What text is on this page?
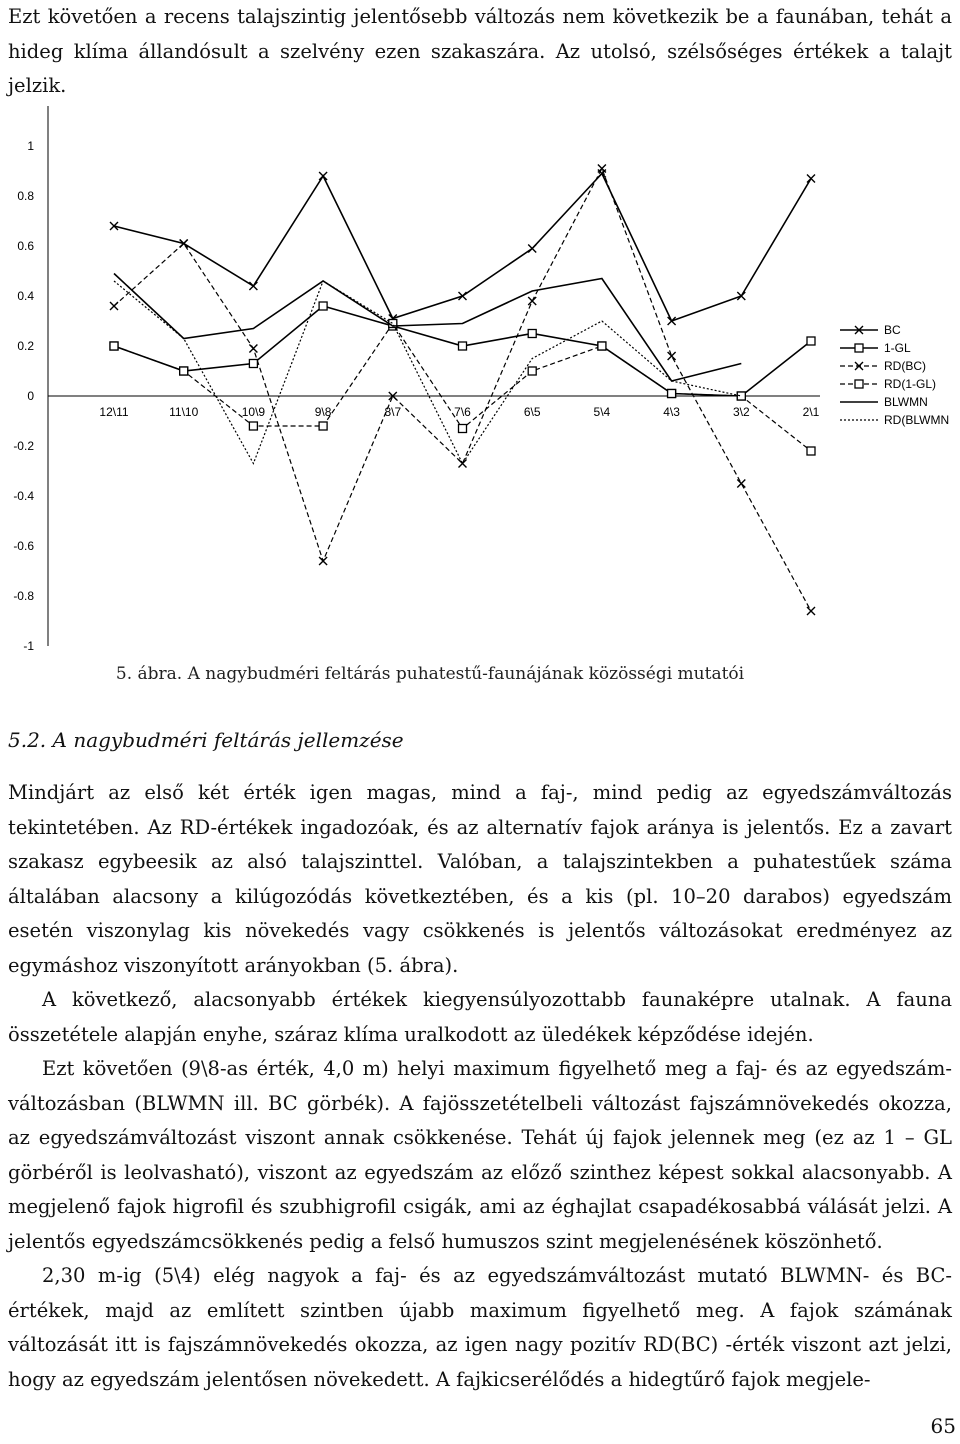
Ezt követően a recens talajszintig jelentősebb változás nem következik be a faunában, tehát a hideg klíma állandósult a szelvény ezen szakaszára. Az utolsó, szélsőséges értékek a talajt jelzik.

1
0.8
0.6
0.4
0.2
0
-0.2
-0.4
-0.6
-0.8
-1
12\11	11\10	10\9	9\8	8\7	7\6	6\5	5\4	4\3	3\2	2\1
BC
1-GL
RD(BC)
RD(1-GL)
BLWMN
RD(BLWMN
5. ábra. A nagybudméri feltárás puhatestű-faunájának közösségi mutatói
5.2. A nagybudméri feltárás jellemzése

Mindjárt az első két érték igen magas, mind a faj-, mind pedig az egyedszámváltozás tekintetében. Az RD-értékek ingadozóak, és az alternatív fajok aránya is jelentős. Ez a zavart szakasz egybeesik az alsó talajszinttel. Valóban, a talajszintekben a puhatestűek száma általában alacsony a kilúgozódás következtében, és a kis (pl. 10–20 darabos) egyedszám esetén viszonylag kis növekedés vagy csökkenés is jelentős változásokat eredményez az egymáshoz viszonyított arányokban (5. ábra).

A következő, alacsonyabb értékek kiegyensúlyozottabb faunaképre utalnak. A fauna összetétele alapján enyhe, száraz klíma uralkodott az üledékek képződése idején.

Ezt követően (9\8-as érték, 4,0 m) helyi maximum figyelhető meg a faj- és az egyedszám-változásban (BLWMN ill. BC görbék). A fajösszetételbeli változást fajszámnövekedés okozza, az egyedszámváltozást viszont annak csökkenése. Tehát új fajok jelennek meg (ez az 1 – GL görbéről is leolvasható), viszont az egyedszám az előző szinthez képest sokkal alacsonyabb. A megjelenő fajok higrofil és szubhigrofil csigák, ami az éghajlat csapadékosabbá válását jelzi. A jelentős egyedszámcsökkenés pedig a felső humuszos szint megjelenésének köszönhető.

2,30 m-ig (5\4) elég nagyok a faj- és az egyedszámváltozást mutató BLWMN- és BC-értékek, majd az említett szintben újabb maximum figyelhető meg. A fajok számának változását itt is fajszámnövekedés okozza, az igen nagy pozitív RD(BC) -érték viszont azt jelzi, hogy az egyedszám jelentősen növekedett. A fajkicserélődés a hidegtűrő fajok megjele-

65
